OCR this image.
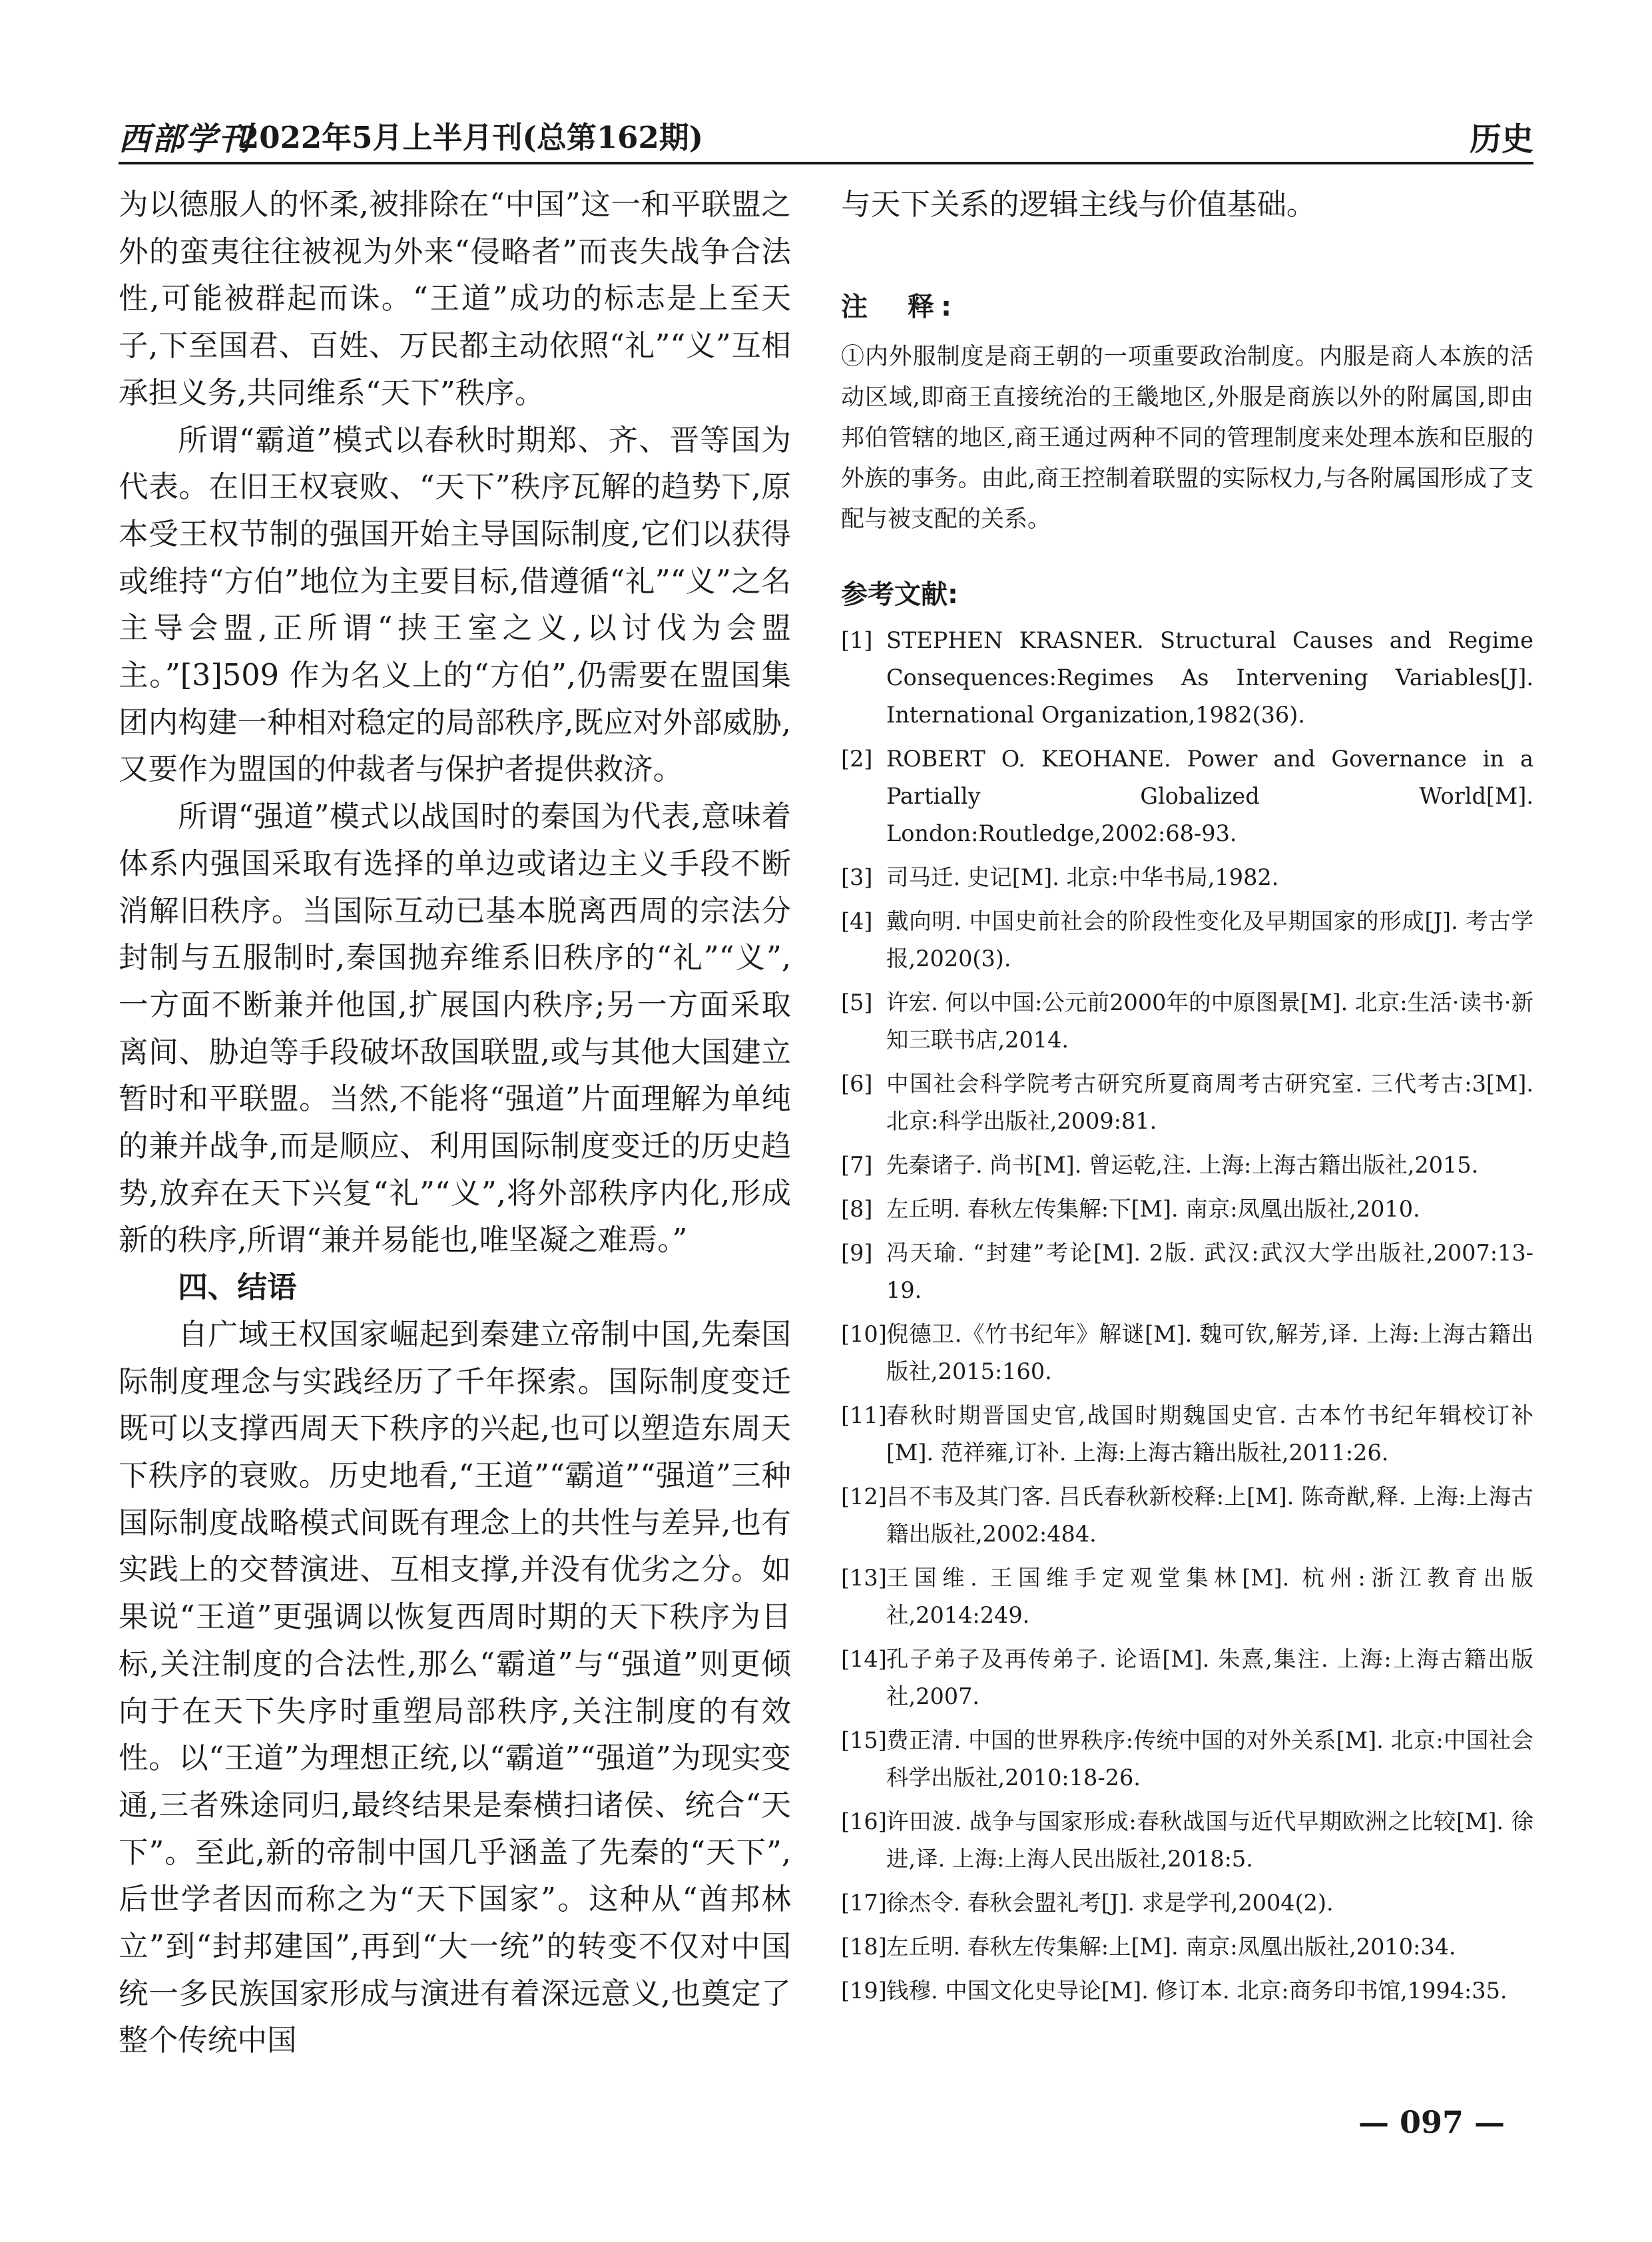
西部学刊
2022年5月上半月刊(总第162期)	历史

为以德服人的怀柔,被排除在“中国”这一和平联盟之外的蛮夷往往被视为外来“侵略者”而丧失战争合法性,可能被群起而诛。“王道”成功的标志是上至天子,下至国君、百姓、万民都主动依照“礼”“义”互相承担义务,共同维系“天下”秩序。

所谓“霸道”模式以春秋时期郑、齐、晋等国为代表。在旧王权衰败、“天下”秩序瓦解的趋势下,原本受王权节制的强国开始主导国际制度,它们以获得或维持“方伯”地位为主要目标,借遵循“礼”“义”之名主导会盟,正所谓“挟王室之义,以讨伐为会盟主。”[3]509 作为名义上的“方伯”,仍需要在盟国集团内构建一种相对稳定的局部秩序,既应对外部威胁,又要作为盟国的仲裁者与保护者提供救济。

所谓“强道”模式以战国时的秦国为代表,意味着体系内强国采取有选择的单边或诸边主义手段不断消解旧秩序。当国际互动已基本脱离西周的宗法分封制与五服制时,秦国抛弃维系旧秩序的“礼”“义”,一方面不断兼并他国,扩展国内秩序;另一方面采取离间、胁迫等手段破坏敌国联盟,或与其他大国建立暂时和平联盟。当然,不能将“强道”片面理解为单纯的兼并战争,而是顺应、利用国际制度变迁的历史趋势,放弃在天下兴复“礼”“义”,将外部秩序内化,形成新的秩序,所谓“兼并易能也,唯坚凝之难焉。”

四、结语

自广域王权国家崛起到秦建立帝制中国,先秦国际制度理念与实践经历了千年探索。国际制度变迁既可以支撑西周天下秩序的兴起,也可以塑造东周天下秩序的衰败。历史地看,“王道”“霸道”“强道”三种国际制度战略模式间既有理念上的共性与差异,也有实践上的交替演进、互相支撑,并没有优劣之分。如果说“王道”更强调以恢复西周时期的天下秩序为目标,关注制度的合法性,那么“霸道”与“强道”则更倾向于在天下失序时重塑局部秩序,关注制度的有效性。以“王道”为理想正统,以“霸道”“强道”为现实变通,三者殊途同归,最终结果是秦横扫诸侯、统合“天下”。至此,新的帝制中国几乎涵盖了先秦的“天下”,后世学者因而称之为“天下国家”。这种从“酋邦林立”到“封邦建国”,再到“大一统”的转变不仅对中国统一多民族国家形成与演进有着深远意义,也奠定了整个传统中国

与天下关系的逻辑主线与价值基础。

注　释:

①内外服制度是商王朝的一项重要政治制度。内服是商人本族的活动区域,即商王直接统治的王畿地区,外服是商族以外的附属国,即由邦伯管辖的地区,商王通过两种不同的管理制度来处理本族和臣服的外族的事务。由此,商王控制着联盟的实际权力,与各附属国形成了支配与被支配的关系。

参考文献:
[1] STEPHEN KRASNER. Structural Causes and Regime Consequences:Regimes As Intervening Variables[J]. International Organization,1982(36).
[2] ROBERT O. KEOHANE. Power and Governance in a Partially Globalized World[M]. London:Routledge,2002:68-93.
[3] 司马迁. 史记[M]. 北京:中华书局,1982.
[4] 戴向明. 中国史前社会的阶段性变化及早期国家的形成[J]. 考古学报,2020(3).
[5] 许宏. 何以中国:公元前2000年的中原图景[M]. 北京:生活·读书·新知三联书店,2014.
[6] 中国社会科学院考古研究所夏商周考古研究室. 三代考古:3[M]. 北京:科学出版社,2009:81.
[7] 先秦诸子. 尚书[M]. 曾运乾,注. 上海:上海古籍出版社,2015.
[8] 左丘明. 春秋左传集解:下[M]. 南京:凤凰出版社,2010.
[9] 冯天瑜. “封建”考论[M]. 2版. 武汉:武汉大学出版社,2007:13-19.
[10] 倪德卫.《竹书纪年》解谜[M]. 魏可钦,解芳,译. 上海:上海古籍出版社,2015:160.
[11] 春秋时期晋国史官,战国时期魏国史官. 古本竹书纪年辑校订补[M]. 范祥雍,订补. 上海:上海古籍出版社,2011:26.
[12] 吕不韦及其门客. 吕氏春秋新校释:上[M]. 陈奇猷,释. 上海:上海古籍出版社,2002:484.
[13] 王国维. 王国维手定观堂集林[M]. 杭州:浙江教育出版社,2014:249.
[14] 孔子弟子及再传弟子. 论语[M]. 朱熹,集注. 上海:上海古籍出版社,2007.
[15] 费正清. 中国的世界秩序:传统中国的对外关系[M]. 北京:中国社会科学出版社,2010:18-26.
[16] 许田波. 战争与国家形成:春秋战国与近代早期欧洲之比较[M]. 徐进,译. 上海:上海人民出版社,2018:5.
[17] 徐杰令. 春秋会盟礼考[J]. 求是学刊,2004(2).
[18] 左丘明. 春秋左传集解:上[M]. 南京:凤凰出版社,2010:34.
[19] 钱穆. 中国文化史导论[M]. 修订本. 北京:商务印书馆,1994:35.
— 097 —
